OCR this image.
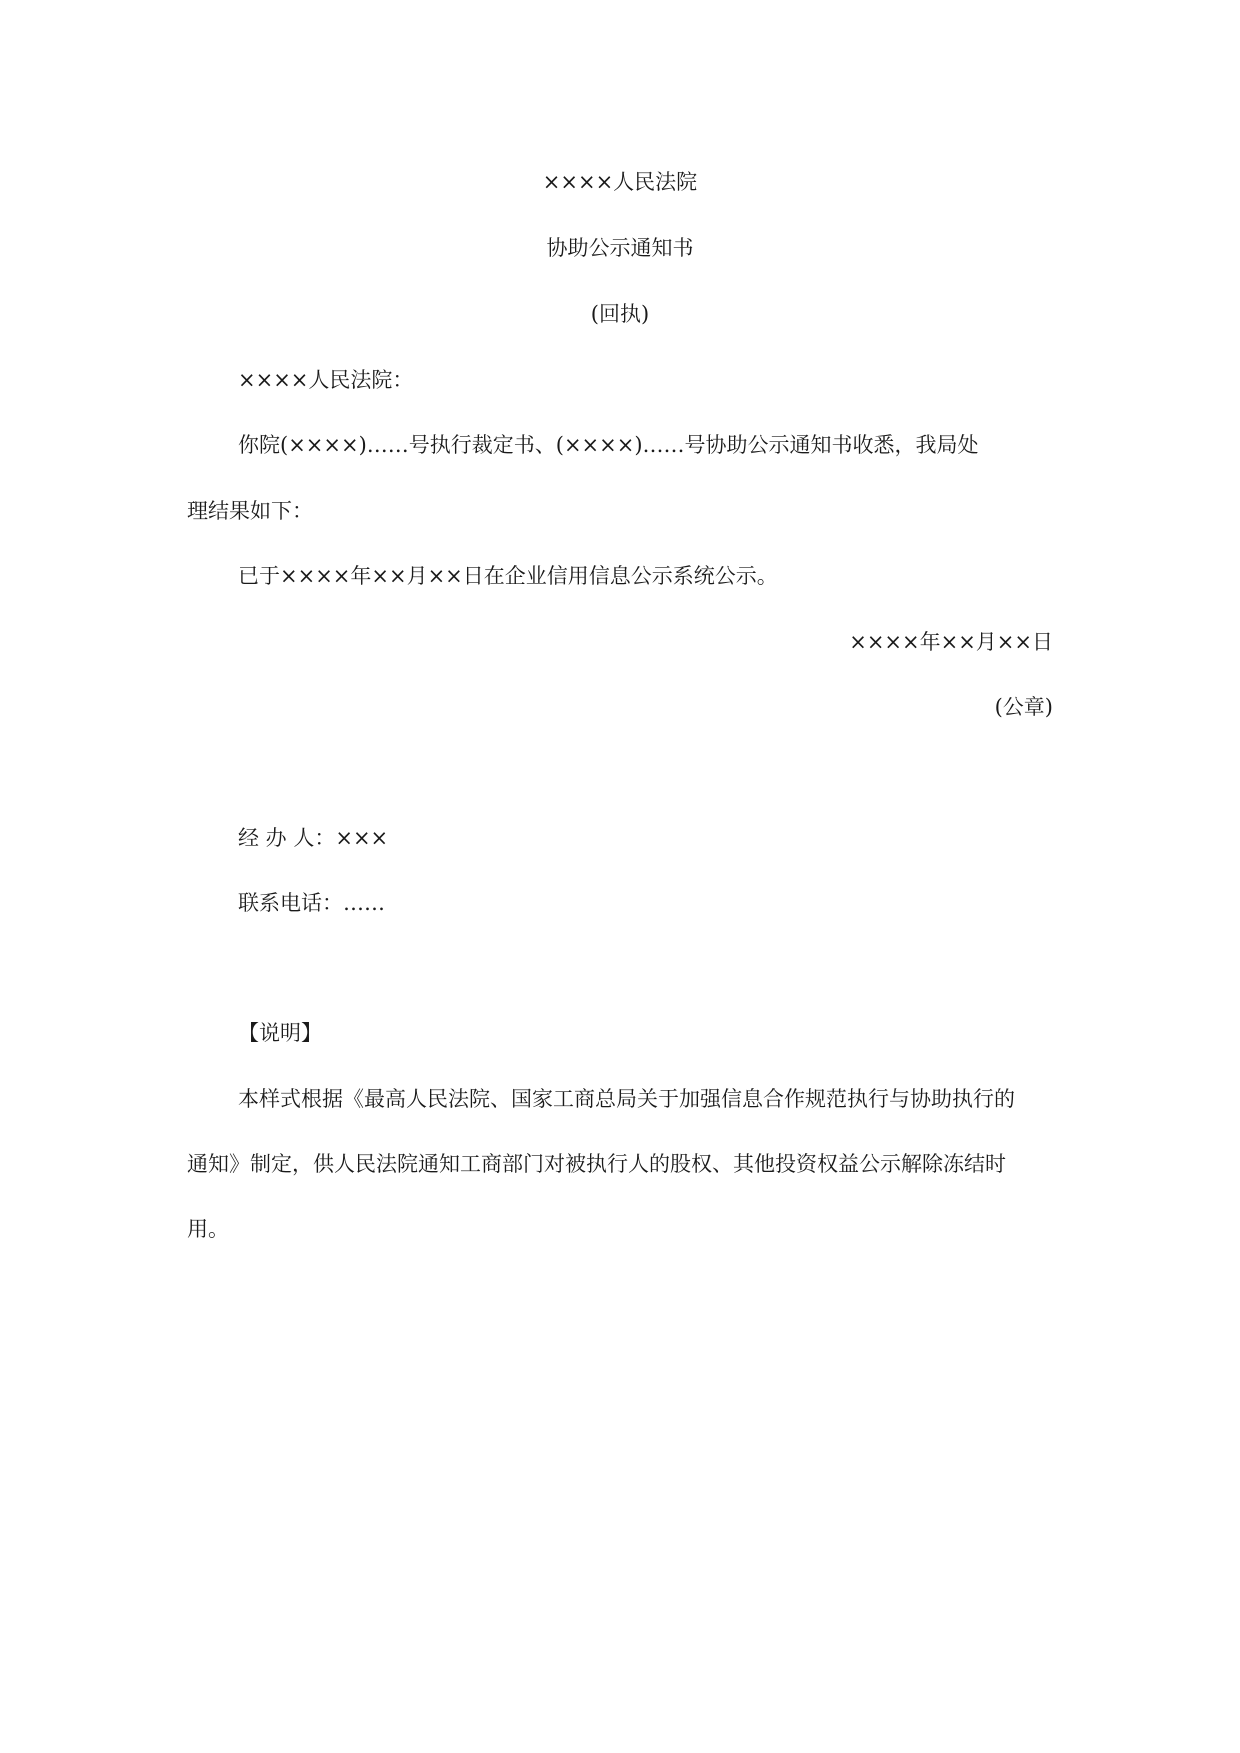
××××人民法院
协助公示通知书
(回执)
××××人民法院：
你院(××××)……号执行裁定书、(××××)……号协助公示通知书收悉，我局处
理结果如下：
已于××××年××月××日在企业信用信息公示系统公示。
××××年××月××日
(公章)
经 办 人：×××
联系电话：……
【说明】
本样式根据《最高人民法院、国家工商总局关于加强信息合作规范执行与协助执行的
通知》制定，供人民法院通知工商部门对被执行人的股权、其他投资权益公示解除冻结时
用。
